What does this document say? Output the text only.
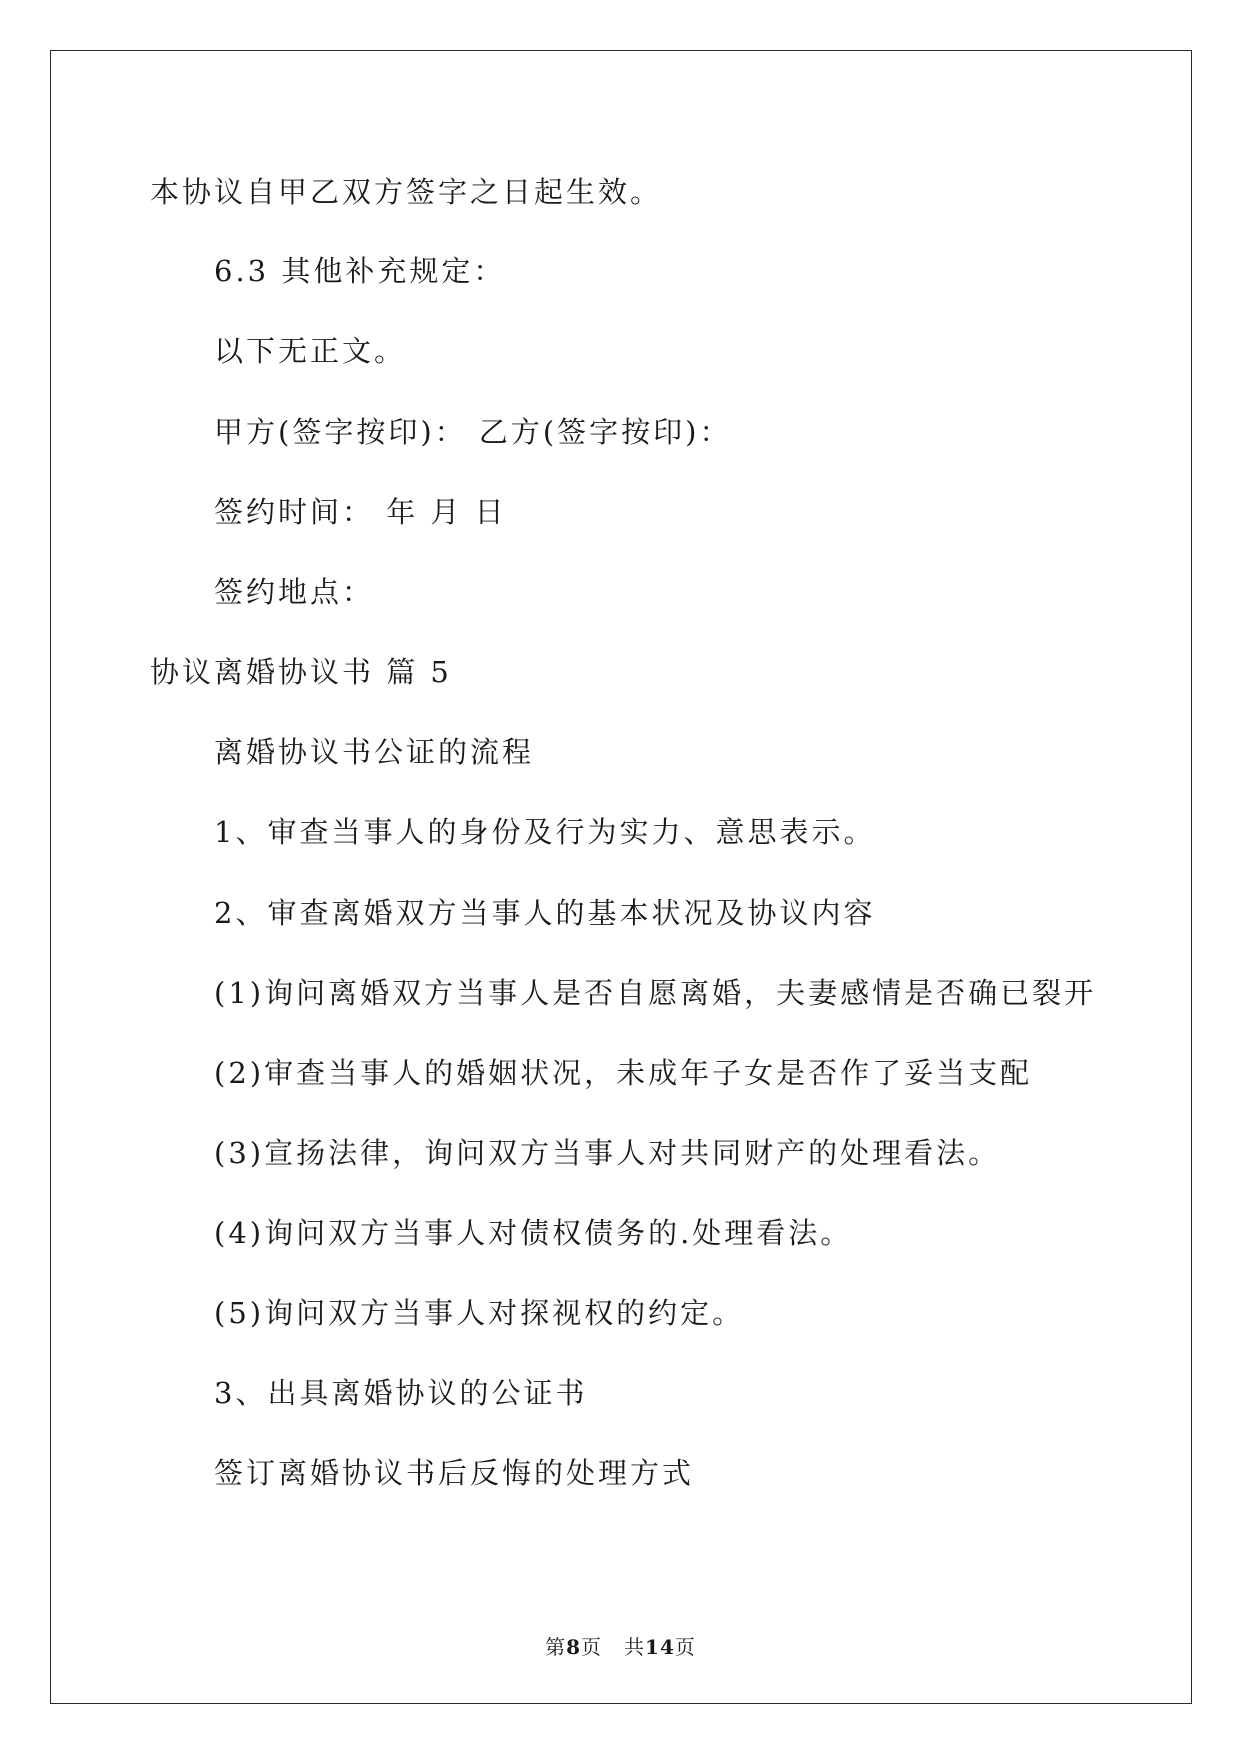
本协议自甲乙双方签字之日起生效。
6.3 其他补充规定：
以下无正文。
甲方(签字按印)： 乙方(签字按印)：
签约时间： 年 月 日
签约地点：
协议离婚协议书 篇 5
离婚协议书公证的流程
1、审查当事人的身份及行为实力、意思表示。
2、审查离婚双方当事人的基本状况及协议内容
(1)询问离婚双方当事人是否自愿离婚，夫妻感情是否确已裂开
(2)审查当事人的婚姻状况，未成年子女是否作了妥当支配
(3)宣扬法律，询问双方当事人对共同财产的处理看法。
(4)询问双方当事人对债权债务的.处理看法。
(5)询问双方当事人对探视权的约定。
3、出具离婚协议的公证书
签订离婚协议书后反悔的处理方式
第8页 共14页
